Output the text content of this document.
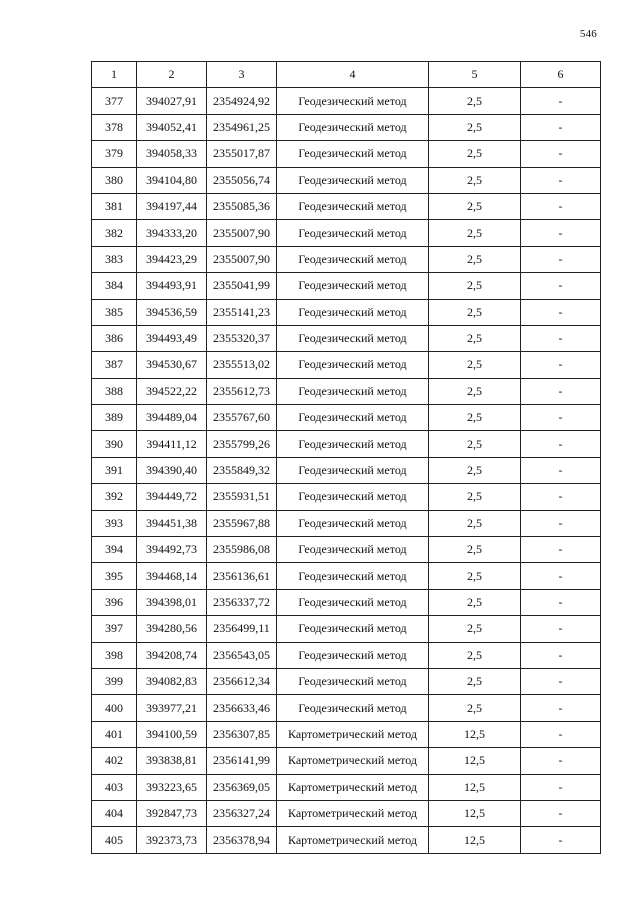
546
1	2	3	4	5	6
377	394027,91	2354924,92	Геодезический метод	2,5	-
378	394052,41	2354961,25	Геодезический метод	2,5	-
379	394058,33	2355017,87	Геодезический метод	2,5	-
380	394104,80	2355056,74	Геодезический метод	2,5	-
381	394197,44	2355085,36	Геодезический метод	2,5	-
382	394333,20	2355007,90	Геодезический метод	2,5	-
383	394423,29	2355007,90	Геодезический метод	2,5	-
384	394493,91	2355041,99	Геодезический метод	2,5	-
385	394536,59	2355141,23	Геодезический метод	2,5	-
386	394493,49	2355320,37	Геодезический метод	2,5	-
387	394530,67	2355513,02	Геодезический метод	2,5	-
388	394522,22	2355612,73	Геодезический метод	2,5	-
389	394489,04	2355767,60	Геодезический метод	2,5	-
390	394411,12	2355799,26	Геодезический метод	2,5	-
391	394390,40	2355849,32	Геодезический метод	2,5	-
392	394449,72	2355931,51	Геодезический метод	2,5	-
393	394451,38	2355967,88	Геодезический метод	2,5	-
394	394492,73	2355986,08	Геодезический метод	2,5	-
395	394468,14	2356136,61	Геодезический метод	2,5	-
396	394398,01	2356337,72	Геодезический метод	2,5	-
397	394280,56	2356499,11	Геодезический метод	2,5	-
398	394208,74	2356543,05	Геодезический метод	2,5	-
399	394082,83	2356612,34	Геодезический метод	2,5	-
400	393977,21	2356633,46	Геодезический метод	2,5	-
401	394100,59	2356307,85	Картометрический метод	12,5	-
402	393838,81	2356141,99	Картометрический метод	12,5	-
403	393223,65	2356369,05	Картометрический метод	12,5	-
404	392847,73	2356327,24	Картометрический метод	12,5	-
405	392373,73	2356378,94	Картометрический метод	12,5	-
